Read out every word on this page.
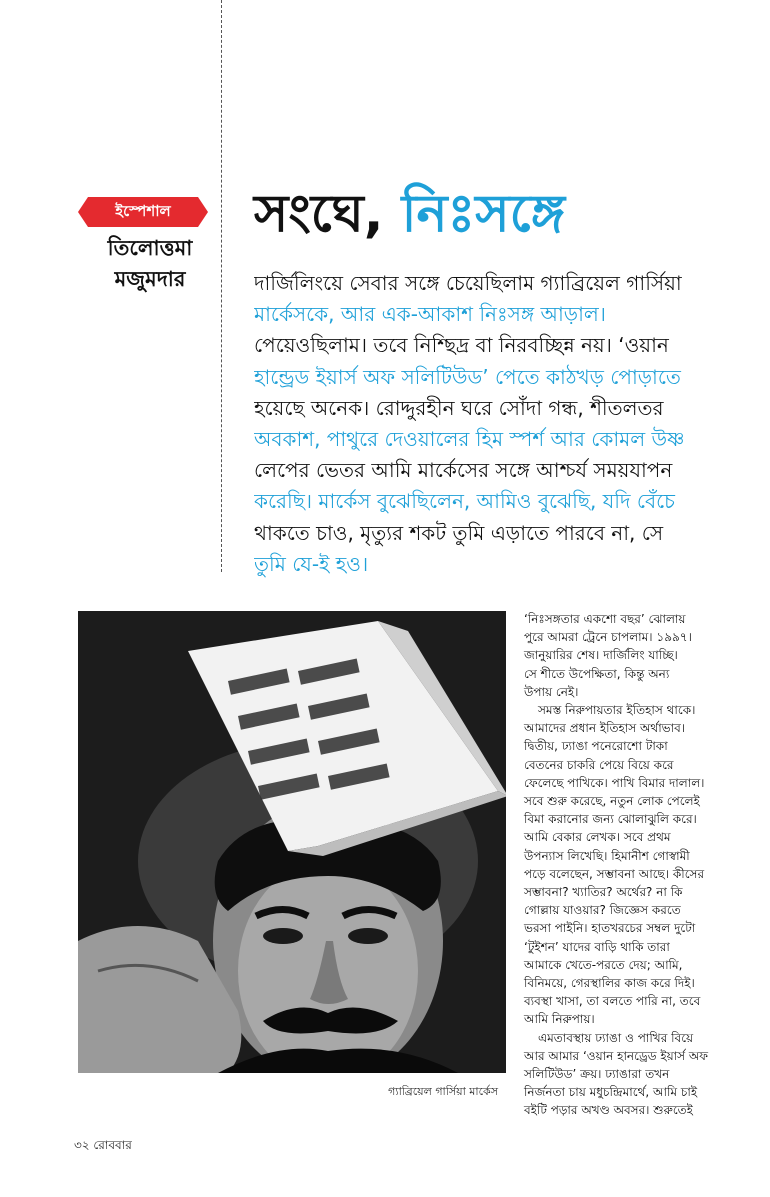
ইস্পেশাল
তিলোত্তমা
মজুমদার
সংঘে, নিঃসঙ্গে
দার্জিলিংয়ে সেবার সঙ্গে চেয়েছিলাম গ্যাব্রিয়েল গার্সিয়া
মার্কেসকে, আর এক-আকাশ নিঃসঙ্গ আড়াল।
পেয়েওছিলাম। তবে নিশ্ছিদ্র বা নিরবচ্ছিন্ন নয়। ‘ওয়ান
হান্ড্রেড ইয়ার্স অফ সলিটিউড’ পেতে কাঠখড় পোড়াতে
হয়েছে অনেক। রোদ্দুরহীন ঘরে সোঁদা গন্ধ, শীতলতর
অবকাশ, পাথুরে দেওয়ালের হিম স্পর্শ আর কোমল উষ্ণ
লেপের ভেতর আমি মার্কেসের সঙ্গে আশ্চর্য সময়যাপন
করেছি। মার্কেস বুঝেছিলেন, আমিও বুঝেছি, যদি বেঁচে
থাকতে চাও, মৃত্যুর শকট তুমি এড়াতে পারবে না, সে
তুমি যে-ই হও।
গ্যাব্রিয়েল গার্সিয়া মার্কেস
‘নিঃসঙ্গতার একশো বছর’ ঝোলায়
পুরে আমরা ট্রেনে চাপলাম। ১৯৯৭।
জানুয়ারির শেষ। দার্জিলিং যাচ্ছি।
সে শীতে উপেক্ষিতা, কিন্তু অন্য
উপায় নেই।
সমস্ত নিরুপায়তার ইতিহাস থাকে।
আমাদের প্রধান ইতিহাস অর্থাভাব।
দ্বিতীয়, ঢ্যাঙা পনেরোশো টাকা
বেতনের চাকরি পেয়ে বিয়ে করে
ফেলেছে পাখিকে। পাখি বিমার দালাল।
সবে শুরু করেছে, নতুন লোক পেলেই
বিমা করানোর জন্য ঝোলাঝুলি করে।
আমি বেকার লেখক। সবে প্রথম
উপন্যাস লিখেছি। হিমানীশ গোস্বামী
পড়ে বলেছেন, সম্ভাবনা আছে। কীসের
সম্ভাবনা? খ্যাতির? অর্থের? না কি
গোল্লায় যাওয়ার? জিজ্ঞেস করতে
ভরসা পাইনি। হাতখরচের সম্বল দুটো
‘টুইশন’ যাদের বাড়ি থাকি তারা
আমাকে খেতে-পরতে দেয়; আমি,
বিনিময়ে, গেরস্থালির কাজ করে দিই।
ব্যবস্থা খাসা, তা বলতে পারি না, তবে
আমি নিরুপায়।
এমতাবস্থায় ঢ্যাঙা ও পাখির বিয়ে
আর আমার ‘ওয়ান হানড্রেড ইয়ার্স অফ
সলিটিউড’ ক্রয়। ঢ্যাঙারা তখন
নির্জনতা চায় মধুচন্দ্রিমার্থে, আমি চাই
বইটি পড়ার অখণ্ড অবসর। শুরুতেই
৩২ রোববার
